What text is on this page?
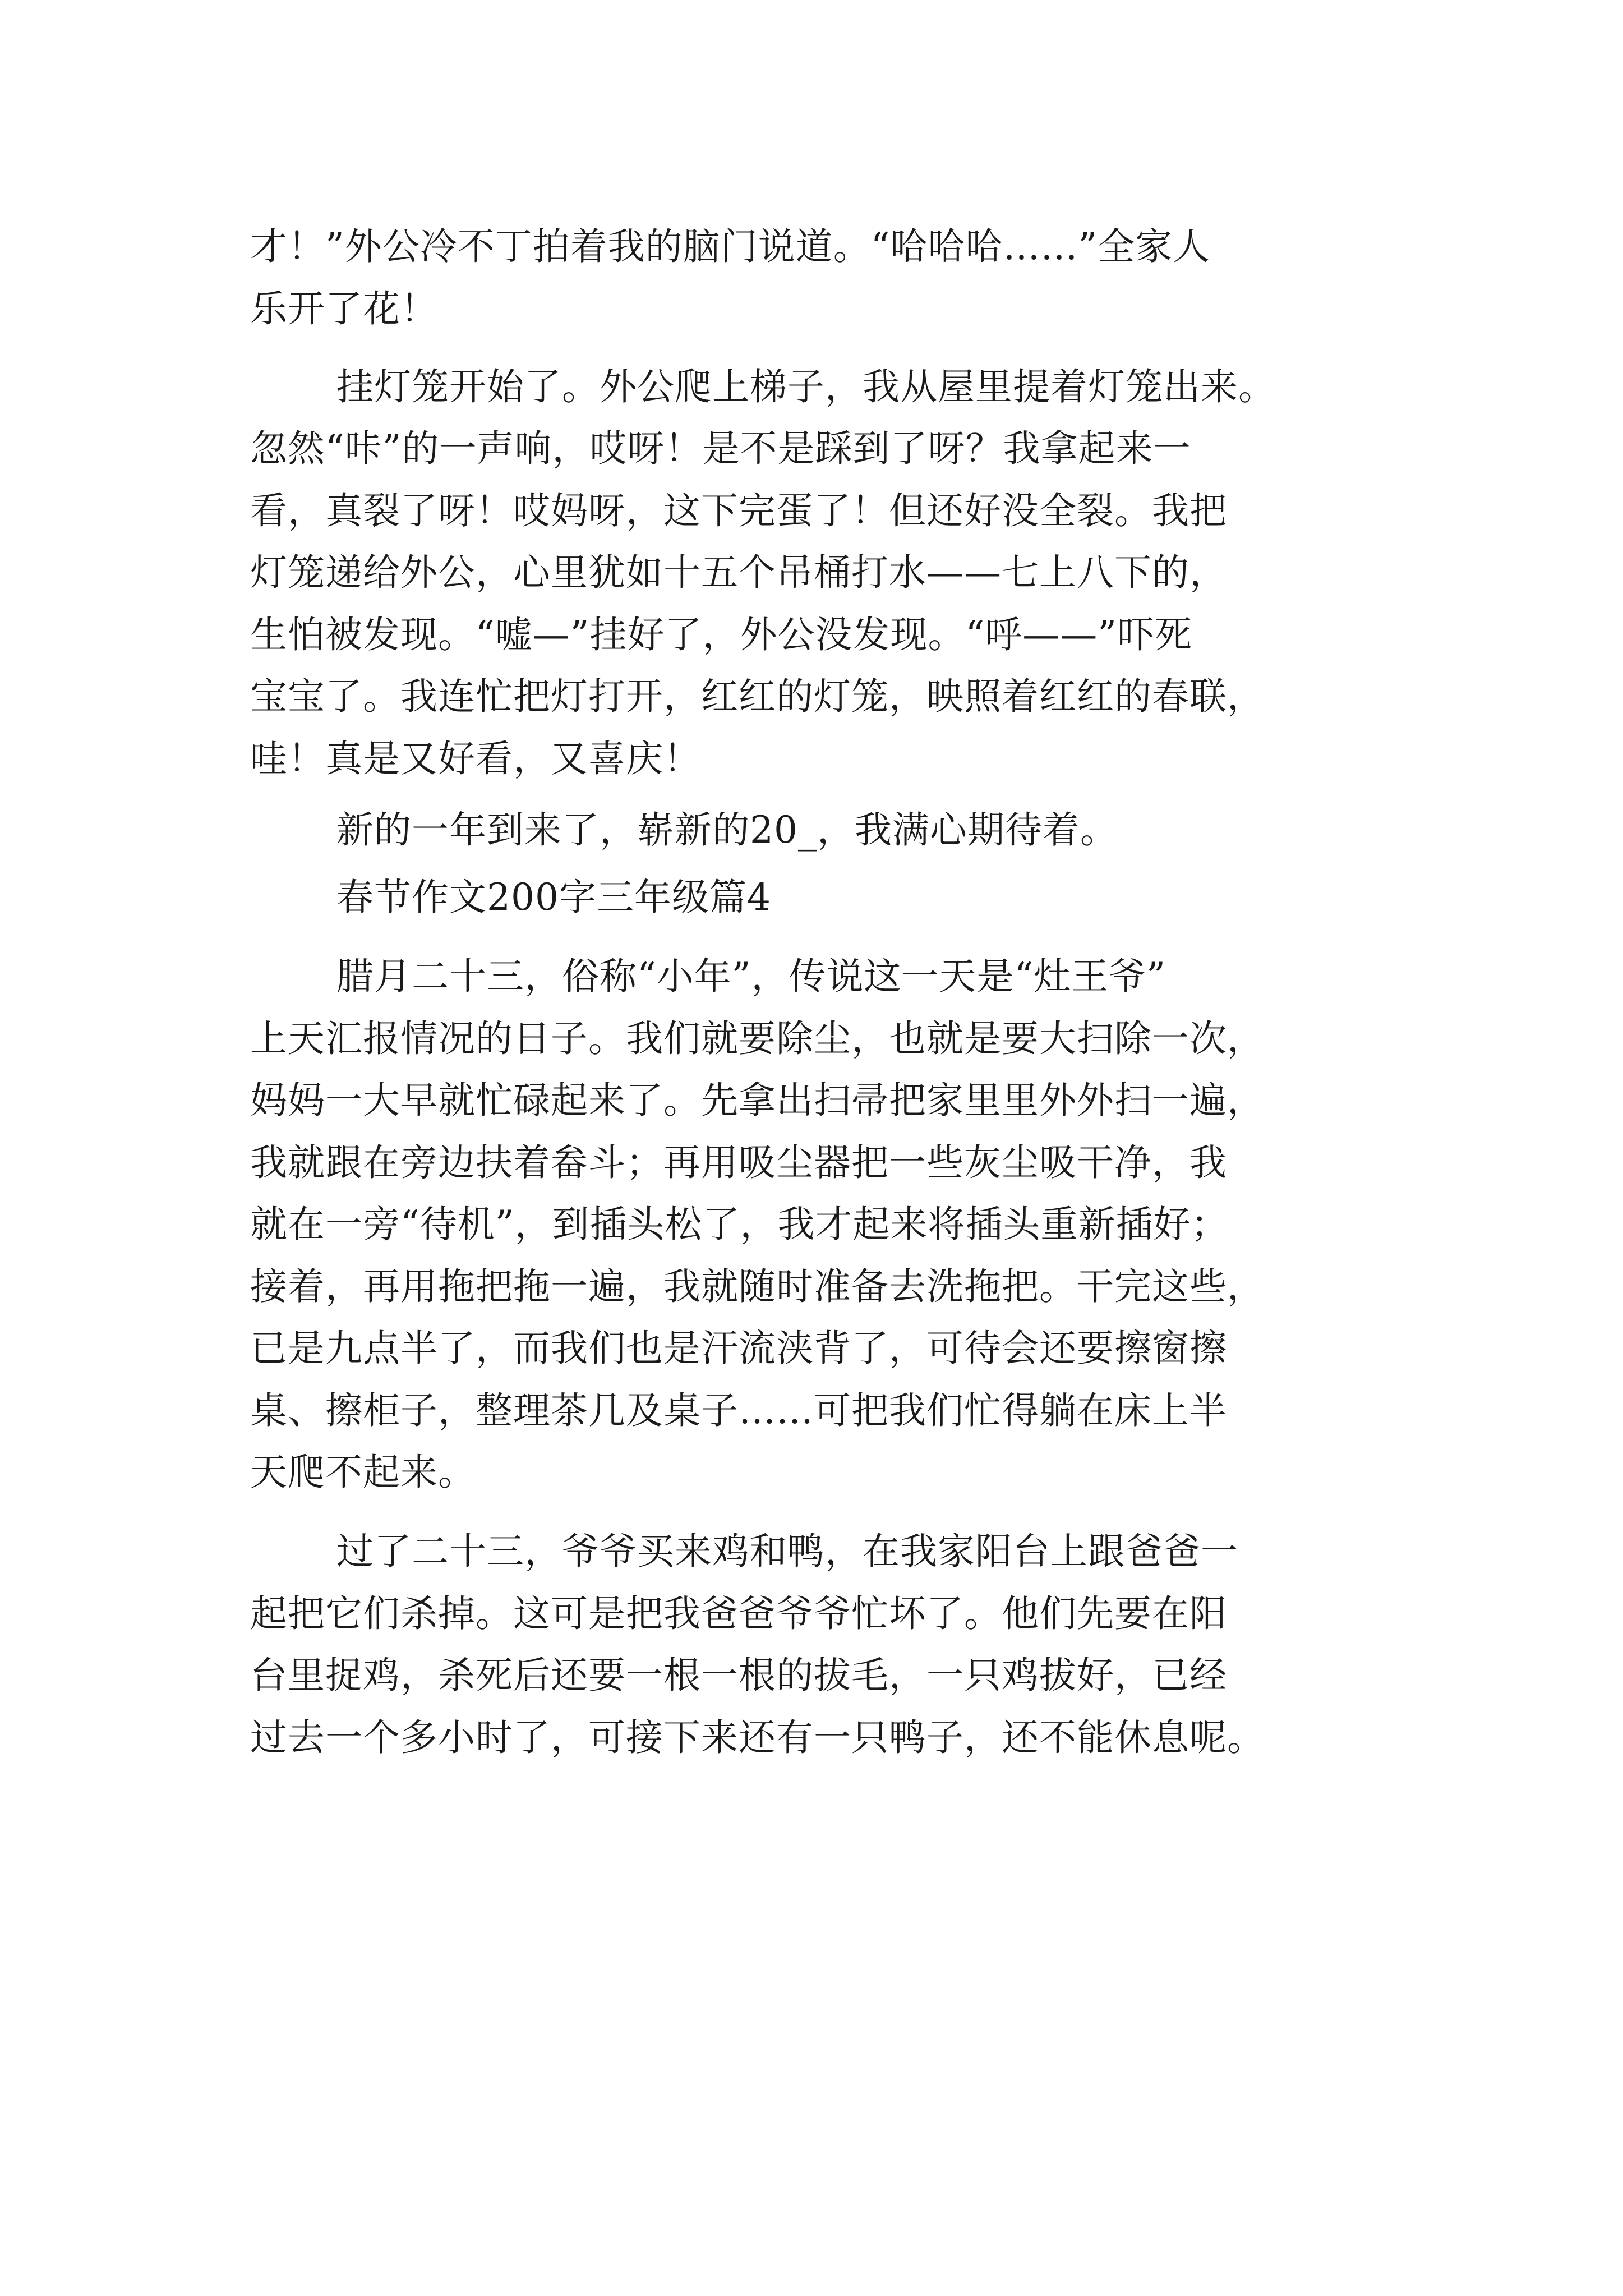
才！”外公冷不丁拍着我的脑门说道。“哈哈哈……”全家人

乐开了花！

挂灯笼开始了。外公爬上梯子，我从屋里提着灯笼出来。

忽然“咔”的一声响，哎呀！是不是踩到了呀？我拿起来一

看，真裂了呀！哎妈呀，这下完蛋了！但还好没全裂。我把

灯笼递给外公，心里犹如十五个吊桶打水——七上八下的，

生怕被发现。“嘘—”挂好了，外公没发现。“呼——”吓死

宝宝了。我连忙把灯打开，红红的灯笼，映照着红红的春联，

哇！真是又好看，又喜庆！

新的一年到来了，崭新的20_，我满心期待着。

春节作文200字三年级篇4

腊月二十三，俗称“小年”，传说这一天是“灶王爷”

上天汇报情况的日子。我们就要除尘，也就是要大扫除一次，

妈妈一大早就忙碌起来了。先拿出扫帚把家里里外外扫一遍，

我就跟在旁边扶着畚斗；再用吸尘器把一些灰尘吸干净，我

就在一旁“待机”，到插头松了，我才起来将插头重新插好；

接着，再用拖把拖一遍，我就随时准备去洗拖把。干完这些，

已是九点半了，而我们也是汗流浃背了，可待会还要擦窗擦

桌、擦柜子，整理茶几及桌子……可把我们忙得躺在床上半

天爬不起来。

过了二十三，爷爷买来鸡和鸭，在我家阳台上跟爸爸一

起把它们杀掉。这可是把我爸爸爷爷忙坏了。他们先要在阳

台里捉鸡，杀死后还要一根一根的拔毛，一只鸡拔好，已经

过去一个多小时了，可接下来还有一只鸭子，还不能休息呢。
